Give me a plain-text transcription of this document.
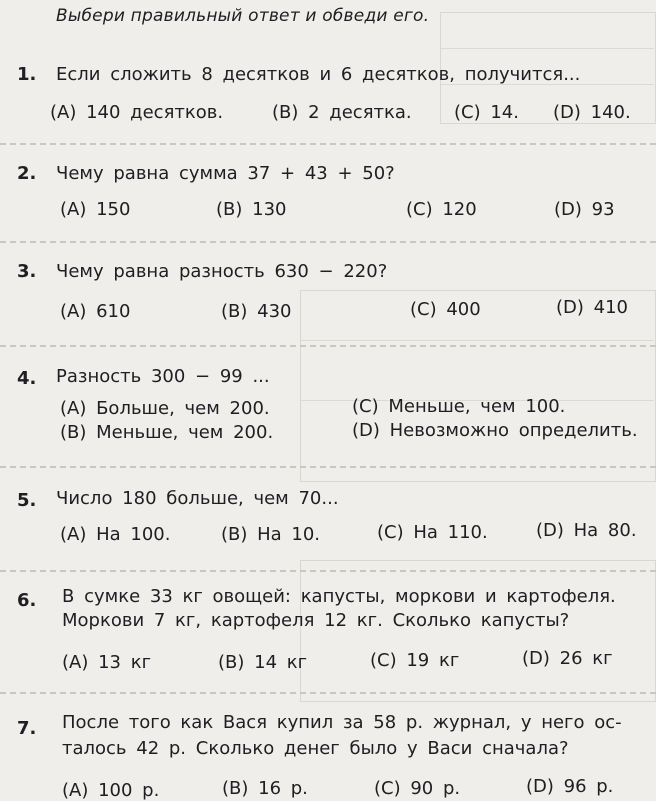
Выбери правильный ответ и обведи его.
1. Если сложить 8 десятков и 6 десятков, получится...
(A) 140 десятков.	(B) 2 десятка. (C) 14. (D) 140.
2. Чему равна сумма 37 + 43 + 50?
(A) 150	(B) 130	(C) 120	(D) 93
3. Чему равна разность 630 − 220?
(A) 610	(B) 430	(C) 400	(D) 410
4. Разность 300 − 99 ...
(A) Больше, чем 200.	(C) Меньше, чем 100.
(B) Меньше, чем 200.	(D) Невозможно определить.
5. Число 180 больше, чем 70...
(A) На 100.	(B) На 10.	(C) На 110.	(D) На 80.
6. В сумке 33 кг овощей: капусты, моркови и картофеля.
Моркови 7 кг, картофеля 12 кг. Сколько капусты?
(A) 13 кг	(B) 14 кг	(C) 19 кг	(D) 26 кг
7. После того как Вася купил за 58 р. журнал, у него ос-
талось 42 р. Сколько денег было у Васи сначала?
(A) 100 р.	(B) 16 р.	(C) 90 р.	(D) 96 р.
